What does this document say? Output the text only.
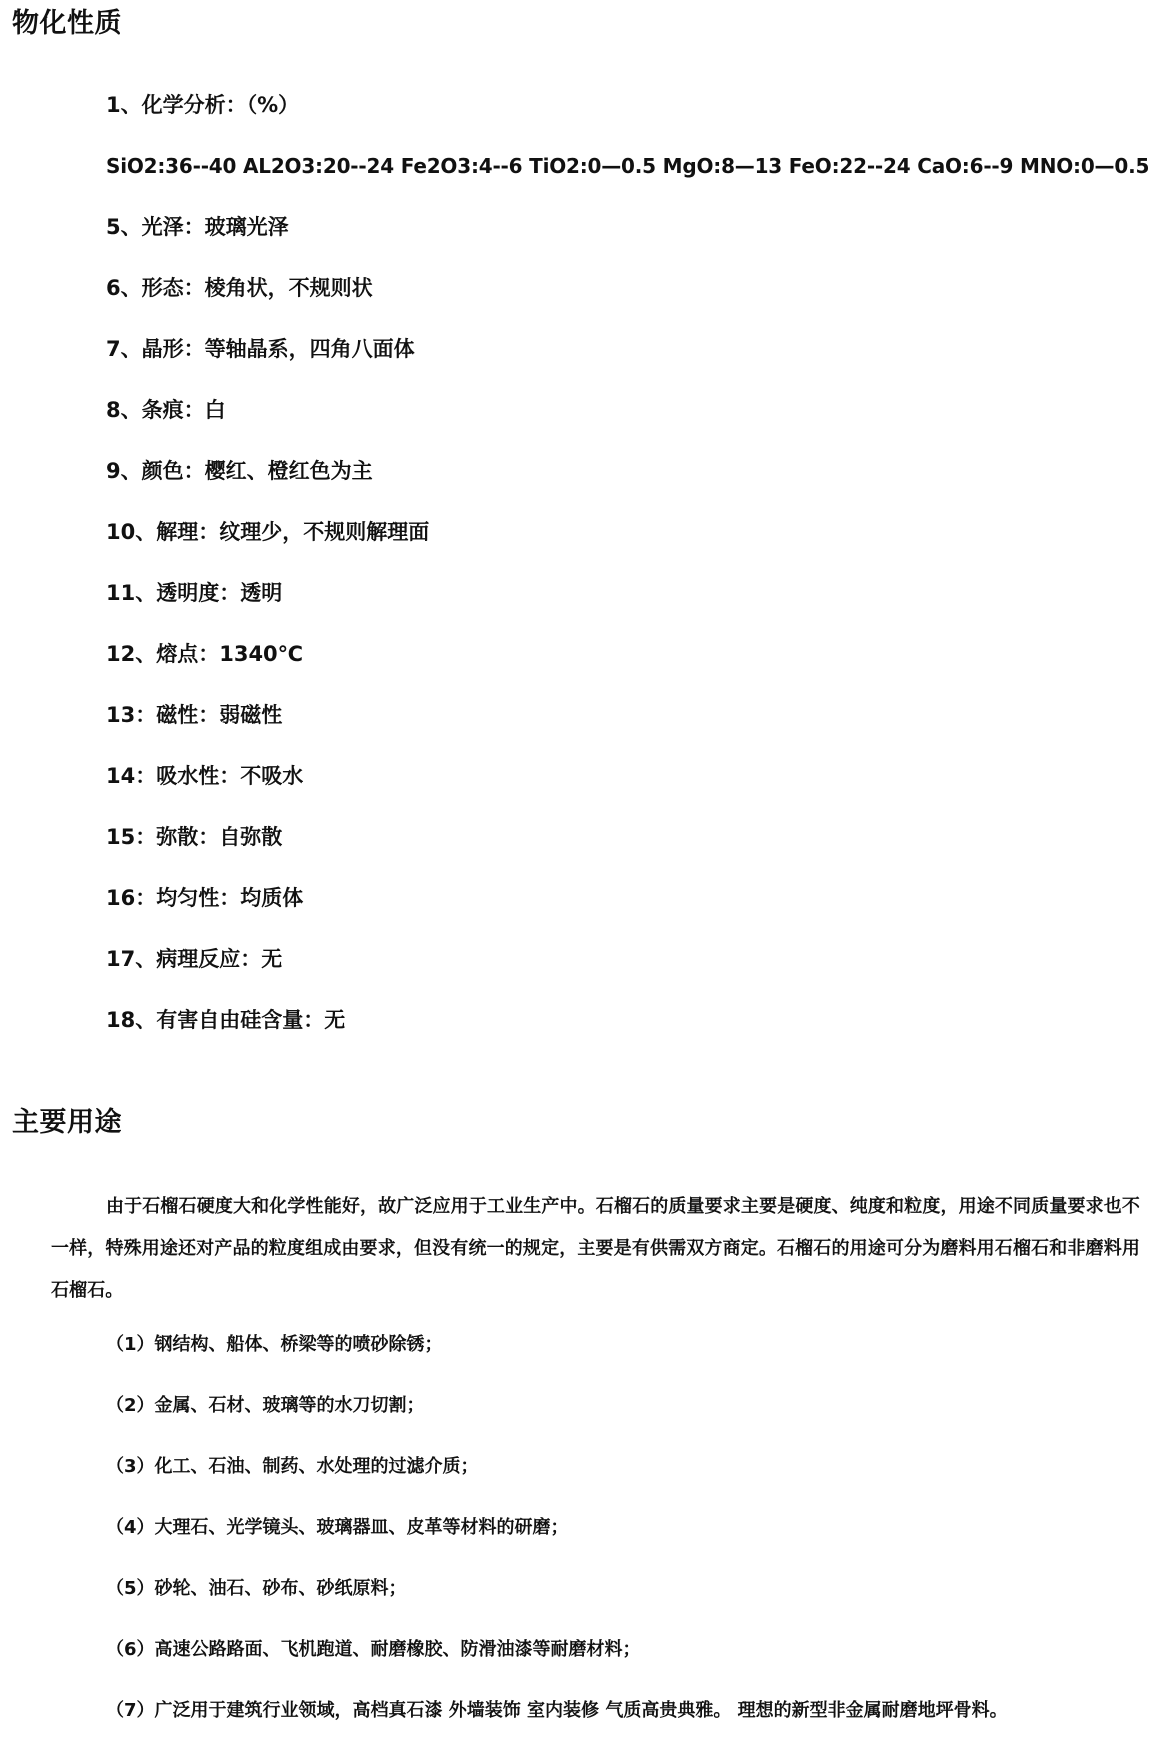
物化性质
1、化学分析：（%）
SiO2:36--40 AL2O3:20--24 Fe2O3:4--6 TiO2:0—0.5 MgO:8—13 FeO:22--24 CaO:6--9 MNO:0—0.5
5、光泽：玻璃光泽
6、形态：棱角状，不规则状
7、晶形：等轴晶系，四角八面体
8、条痕：白
9、颜色：樱红、橙红色为主
10、解理：纹理少，不规则解理面
11、透明度：透明
12、熔点：1340℃
13：磁性：弱磁性
14：吸水性：不吸水
15：弥散：自弥散
16：均匀性：均质体
17、病理反应：无
18、有害自由硅含量：无
主要用途

由于石榴石硬度大和化学性能好，故广泛应用于工业生产中。石榴石的质量要求主要是硬度、纯度和粒度，用途不同质量要求也不一样，特殊用途还对产品的粒度组成由要求，但没有统一的规定，主要是有供需双方商定。石榴石的用途可分为磨料用石榴石和非磨料用石榴石。

（1）钢结构、船体、桥梁等的喷砂除锈；
（2）金属、石材、玻璃等的水刀切割；
（3）化工、石油、制药、水处理的过滤介质；
（4）大理石、光学镜头、玻璃器皿、皮革等材料的研磨；
（5）砂轮、油石、砂布、砂纸原料；
（6）高速公路路面、飞机跑道、耐磨橡胶、防滑油漆等耐磨材料；
（7）广泛用于建筑行业领域，高档真石漆 外墙装饰 室内装修 气质高贵典雅。 理想的新型非金属耐磨地坪骨料。
